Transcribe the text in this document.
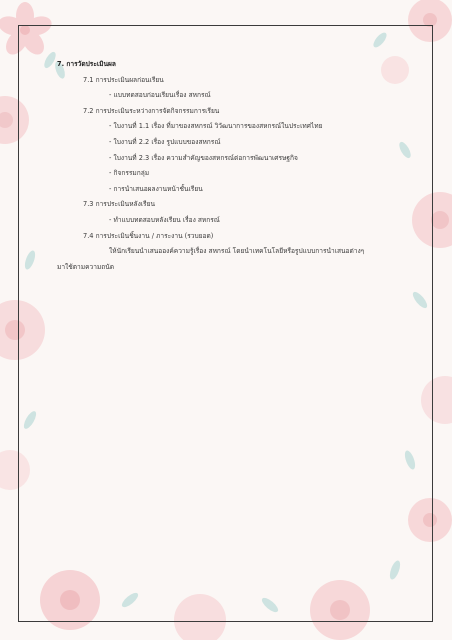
7. การวัดประเมินผล
7.1 การประเมินผลก่อนเรียน
- แบบทดสอบก่อนเรียนเรื่อง สหกรณ์
7.2 การประเมินระหว่างการจัดกิจกรรมการเรียน
- ใบงานที่ 1.1 เรื่อง ที่มาของสหกรณ์ วิวัฒนาการของสหกรณ์ในประเทศไทย
- ใบงานที่ 2.2 เรื่อง รูปแบบของสหกรณ์
- ใบงานที่ 2.3 เรื่อง ความสำคัญของสหกรณ์ต่อการพัฒนาเศรษฐกิจ
- กิจกรรมกลุ่ม
- การนำเสนอผลงานหน้าชั้นเรียน
7.3 การประเมินหลังเรียน
- ทำแบบทดสอบหลังเรียน เรื่อง สหกรณ์
7.4 การประเมินชิ้นงาน / ภาระงาน (รวบยอด)
ให้นักเรียนนำเสนอองค์ความรู้เรื่อง สหกรณ์ โดยนำเทคโนโลยีหรือรูปแบบการนำเสนอต่างๆ
มาใช้ตามความถนัด
